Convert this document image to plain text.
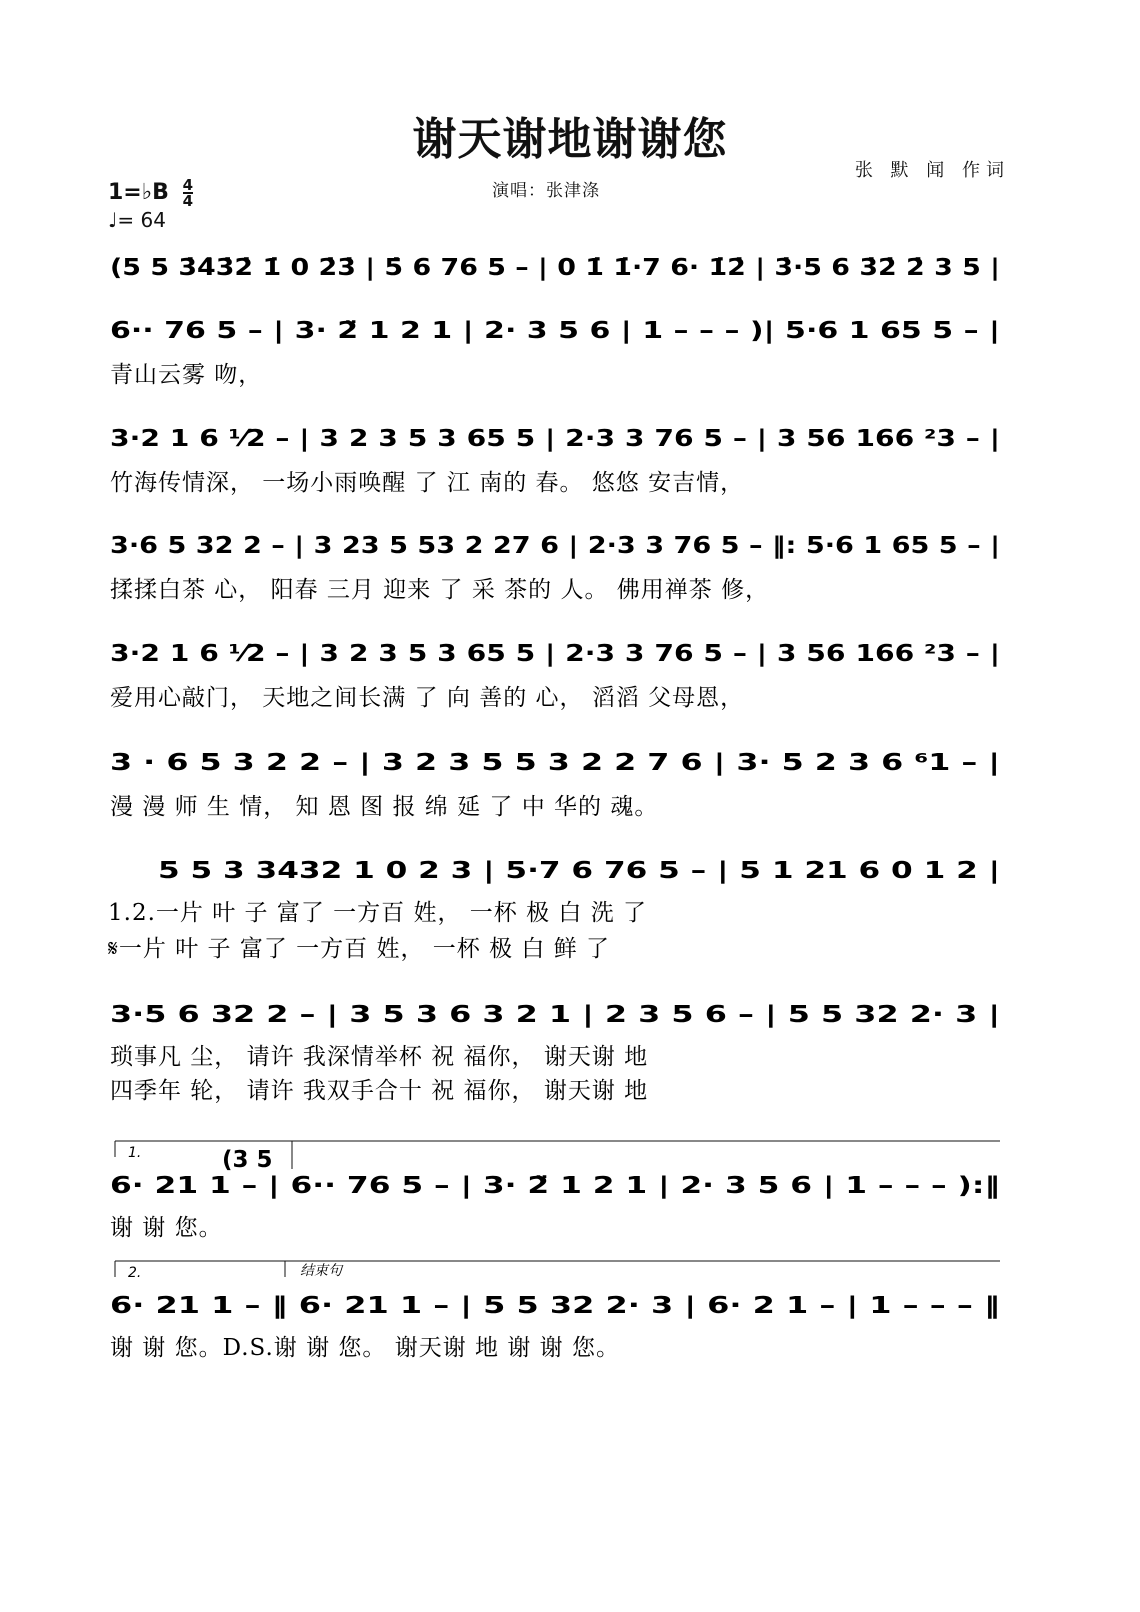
谢天谢地谢谢您
张 默 闻 作词
演唱：张津涤
1=♭B $\frac{4}{4}$
♩= 64
(5 5 3̇4̇3̇2̇ 1̇ 0 2̇3̇ | 5̇ 6 76 5 – | 0 1̇ 1̇·7 6· 1̇2̇ | 3̇·5 6 3̇2̇ 2̇ 3 5 |
6·· 76 5 – | 3· 2̈ 1 2 1 | 2· 3 5 6 | 1 – – – )| 5·6 1 65 5 – |
青山云雾 吻，
3·2 1 6 ⅟2 – | 3 2 3 5 3 65 5 | 2·3 3 76 5 – | 3 56 166 ²3 – |
竹海传情深， 一场小雨唤醒 了 江 南的 春。 悠悠 安吉情，
3·6 5 32 2 – | 3 23 5 53 2 27 6 | 2·3 3 76 5 – ‖: 5·6 1 65 5 – |
揉揉白茶 心， 阳春 三月 迎来 了 采 茶的 人。 佛用禅茶 修，
3·2 1 6 ⅟2 – | 3 2 3 5 3 65 5 | 2·3 3 76 5 – | 3 56 166 ²3 – |
爱用心敲门， 天地之间长满 了 向 善的 心， 滔滔 父母恩，
3 · 6 5 3 2 2 – | 3 2 3 5 5 3 2 2 7 6 | 3· 5 2 3 6 ⁶1 – |
漫 漫 师 生 情， 知 恩 图 报 绵 延 了 中 华的 魂。
5 5 3 3432 1 0 2 3 | 5·7 6 76 5 – | 5 1 21 6 0 1 2 |
1.2.一片 叶 子 富了 一方百 姓， 一杯 极 白 洗 了
𝄋一片 叶 子 富了 一方百 姓， 一杯 极 白 鲜 了
3·5 6 32 2 – | 3 5 3 6 3 2 1 | 2 3 5 6 – | 5 5 32 2· 3 |
琐事凡 尘， 请许 我深情举杯 祝 福你， 谢天谢 地
四季年 轮， 请许 我双手合十 祝 福你， 谢天谢 地
6· 21 1 – | 6·· 76 5 – | 3· 2̈ 1 2 1 | 2· 3 5 6 | 1 – – – ):‖
谢 谢 您。
1.	(3 5
6· 21 1 – ‖ 6· 21 1 – | 5 5 32 2· 3 | 6· 2 1 – | 1 – – – ‖
谢 谢 您。D.S.谢 谢 您。 谢天谢 地 谢 谢 您。
2.	结束句
